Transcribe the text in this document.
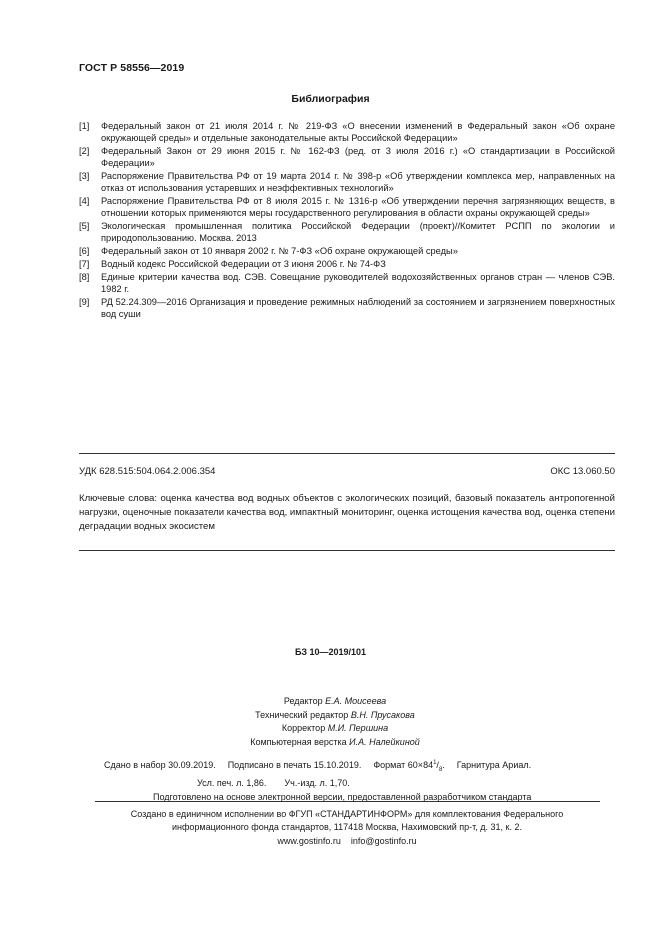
ГОСТ Р 58556—2019
Библиография
[1]	Федеральный закон от 21 июля 2014 г. № 219-ФЗ «О внесении изменений в Федеральный закон «Об охране окружающей среды» и отдельные законодательные акты Российской Федерации»
[2]	Федеральный Закон от 29 июня 2015 г. № 162-ФЗ (ред. от 3 июля 2016 г.) «О стандартизации в Российской Федерации»
[3]	Распоряжение Правительства РФ от 19 марта 2014 г. № 398-р «Об утверждении комплекса мер, направленных на отказ от использования устаревших и неэффективных технологий»
[4]	Распоряжение Правительства РФ от 8 июля 2015 г. № 1316-р «Об утверждении перечня загрязняющих веществ, в отношении которых применяются меры государственного регулирования в области охраны окружающей среды»
[5]	Экологическая промышленная политика Российской Федерации (проект)//Комитет РСПП по экологии и природопользованию. Москва. 2013
[6]	Федеральный закон от 10 января 2002 г. № 7-ФЗ «Об охране окружающей среды»
[7]	Водный кодекс Российской Федерации от 3 июня 2006 г. № 74-ФЗ
[8]	Единые критерии качества вод. СЭВ. Совещание руководителей водохозяйственных органов стран — членов СЭВ. 1982 г.
[9]	РД 52.24.309—2016 Организация и проведение режимных наблюдений за состоянием и загрязнением поверхностных вод суши
УДК 628.515:504.064.2.006.354	ОКС 13.060.50
Ключевые слова: оценка качества вод водных объектов с экологических позиций, базовый показатель антропогенной нагрузки, оценочные показатели качества вод, импактный мониторинг, оценка истощения качества вод, оценка степени деградации водных экосистем
БЗ 10—2019/101
Редактор Е.А. Моисеева
Технический редактор В.Н. Прусакова
Корректор М.И. Першина
Компьютерная верстка И.А. Налейкиной
Сдано в набор 30.09.2019. Подписано в печать 15.10.2019. Формат $60\times 84^1/_8$. Гарнитура Ариал.
Усл. печ. л. 1,86. Уч.-изд. л. 1,70.
Подготовлено на основе электронной версии, предоставленной разработчиком стандарта
Создано в единичном исполнении во ФГУП «СТАНДАРТИНФОРМ» для комплектования Федерального
информационного фонда стандартов, 117418 Москва, Нахимовский пр-т, д. 31, к. 2.
www.gostinfo.ru info@gostinfo.ru
